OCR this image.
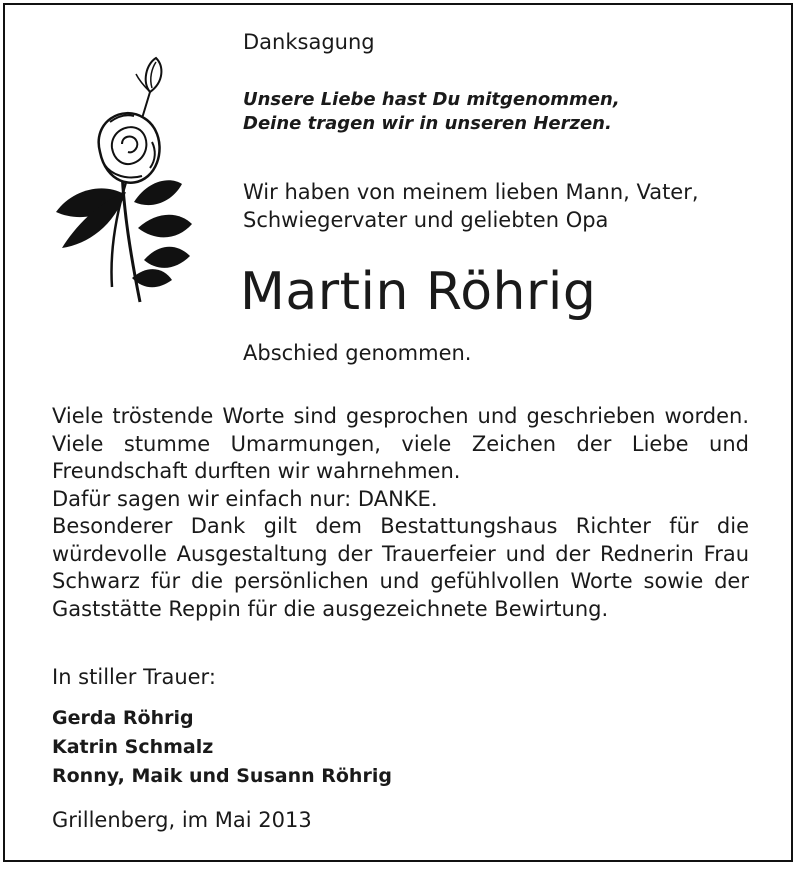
Danksagung
Unsere Liebe hast Du mitgenommen,
Deine tragen wir in unseren Herzen.
Wir haben von meinem lieben Mann, Vater,
Schwiegervater und geliebten Opa
Martin Röhrig
Abschied genommen.

Viele tröstende Worte sind gesprochen und geschrieben worden. Viele stumme Umarmungen, viele Zeichen der Liebe und Freundschaft durften wir wahrnehmen.

Dafür sagen wir einfach nur: DANKE.

Besonderer Dank gilt dem Bestattungshaus Richter für die würdevolle Ausgestaltung der Trauerfeier und der Rednerin Frau Schwarz für die persönlichen und gefühlvollen Worte sowie der Gaststätte Reppin für die ausgezeichnete Bewirtung.

In stiller Trauer:
Gerda Röhrig
Katrin Schmalz
Ronny, Maik und Susann Röhrig
Grillenberg, im Mai 2013
